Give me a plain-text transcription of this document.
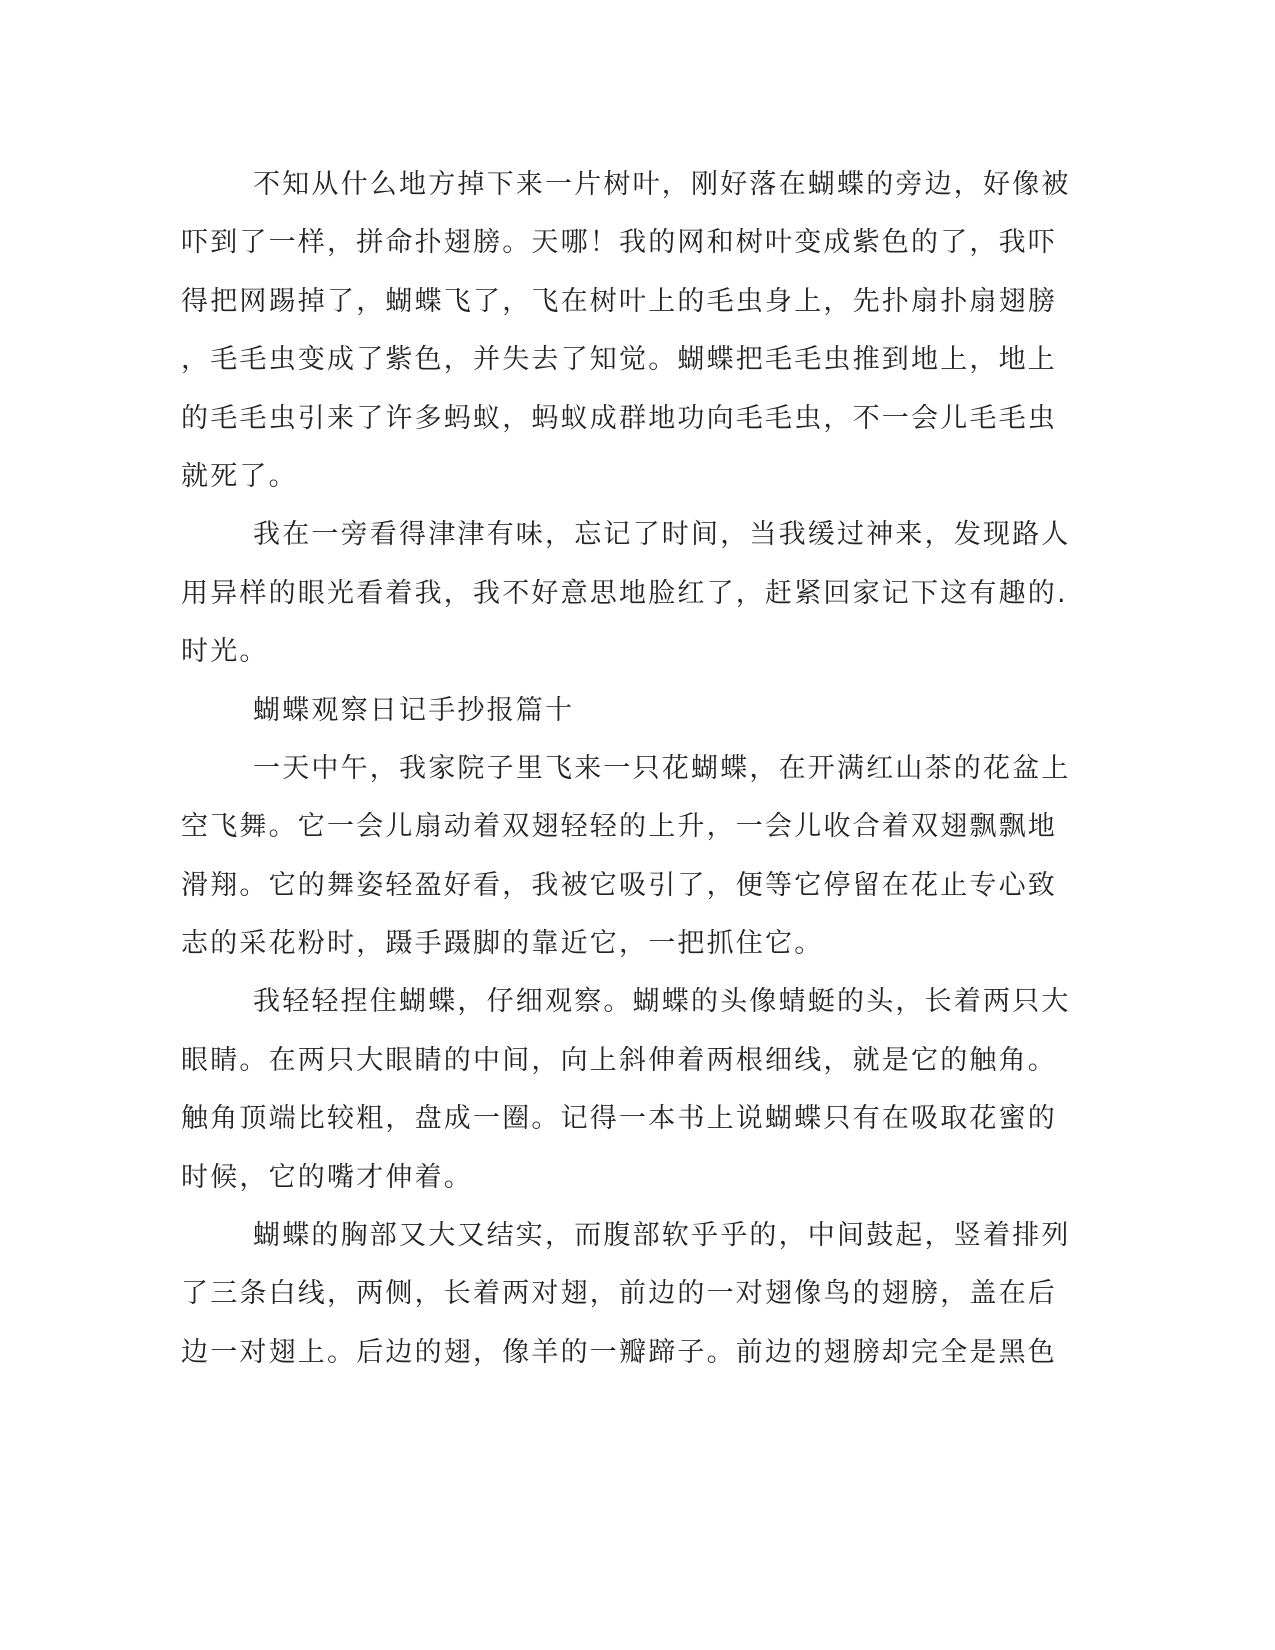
不知从什么地方掉下来一片树叶，刚好落在蝴蝶的旁边，好像被
吓到了一样，拼命扑翅膀。天哪！我的网和树叶变成紫色的了，我吓
得把网踢掉了，蝴蝶飞了，飞在树叶上的毛虫身上，先扑扇扑扇翅膀
，毛毛虫变成了紫色，并失去了知觉。蝴蝶把毛毛虫推到地上，地上
的毛毛虫引来了许多蚂蚁，蚂蚁成群地功向毛毛虫，不一会儿毛毛虫
就死了。
我在一旁看得津津有味，忘记了时间，当我缓过神来，发现路人
用异样的眼光看着我，我不好意思地脸红了，赶紧回家记下这有趣的.
时光。
蝴蝶观察日记手抄报篇十
一天中午，我家院子里飞来一只花蝴蝶，在开满红山茶的花盆上
空飞舞。它一会儿扇动着双翅轻轻的上升，一会儿收合着双翅飘飘地
滑翔。它的舞姿轻盈好看，我被它吸引了，便等它停留在花止专心致
志的采花粉时，蹑手蹑脚的靠近它，一把抓住它。
我轻轻捏住蝴蝶，仔细观察。蝴蝶的头像蜻蜓的头，长着两只大
眼睛。在两只大眼睛的中间，向上斜伸着两根细线，就是它的触角。
触角顶端比较粗，盘成一圈。记得一本书上说蝴蝶只有在吸取花蜜的
时候，它的嘴才伸着。
蝴蝶的胸部又大又结实，而腹部软乎乎的，中间鼓起，竖着排列
了三条白线，两侧，长着两对翅，前边的一对翅像鸟的翅膀，盖在后
边一对翅上。后边的翅，像羊的一瓣蹄子。前边的翅膀却完全是黑色
